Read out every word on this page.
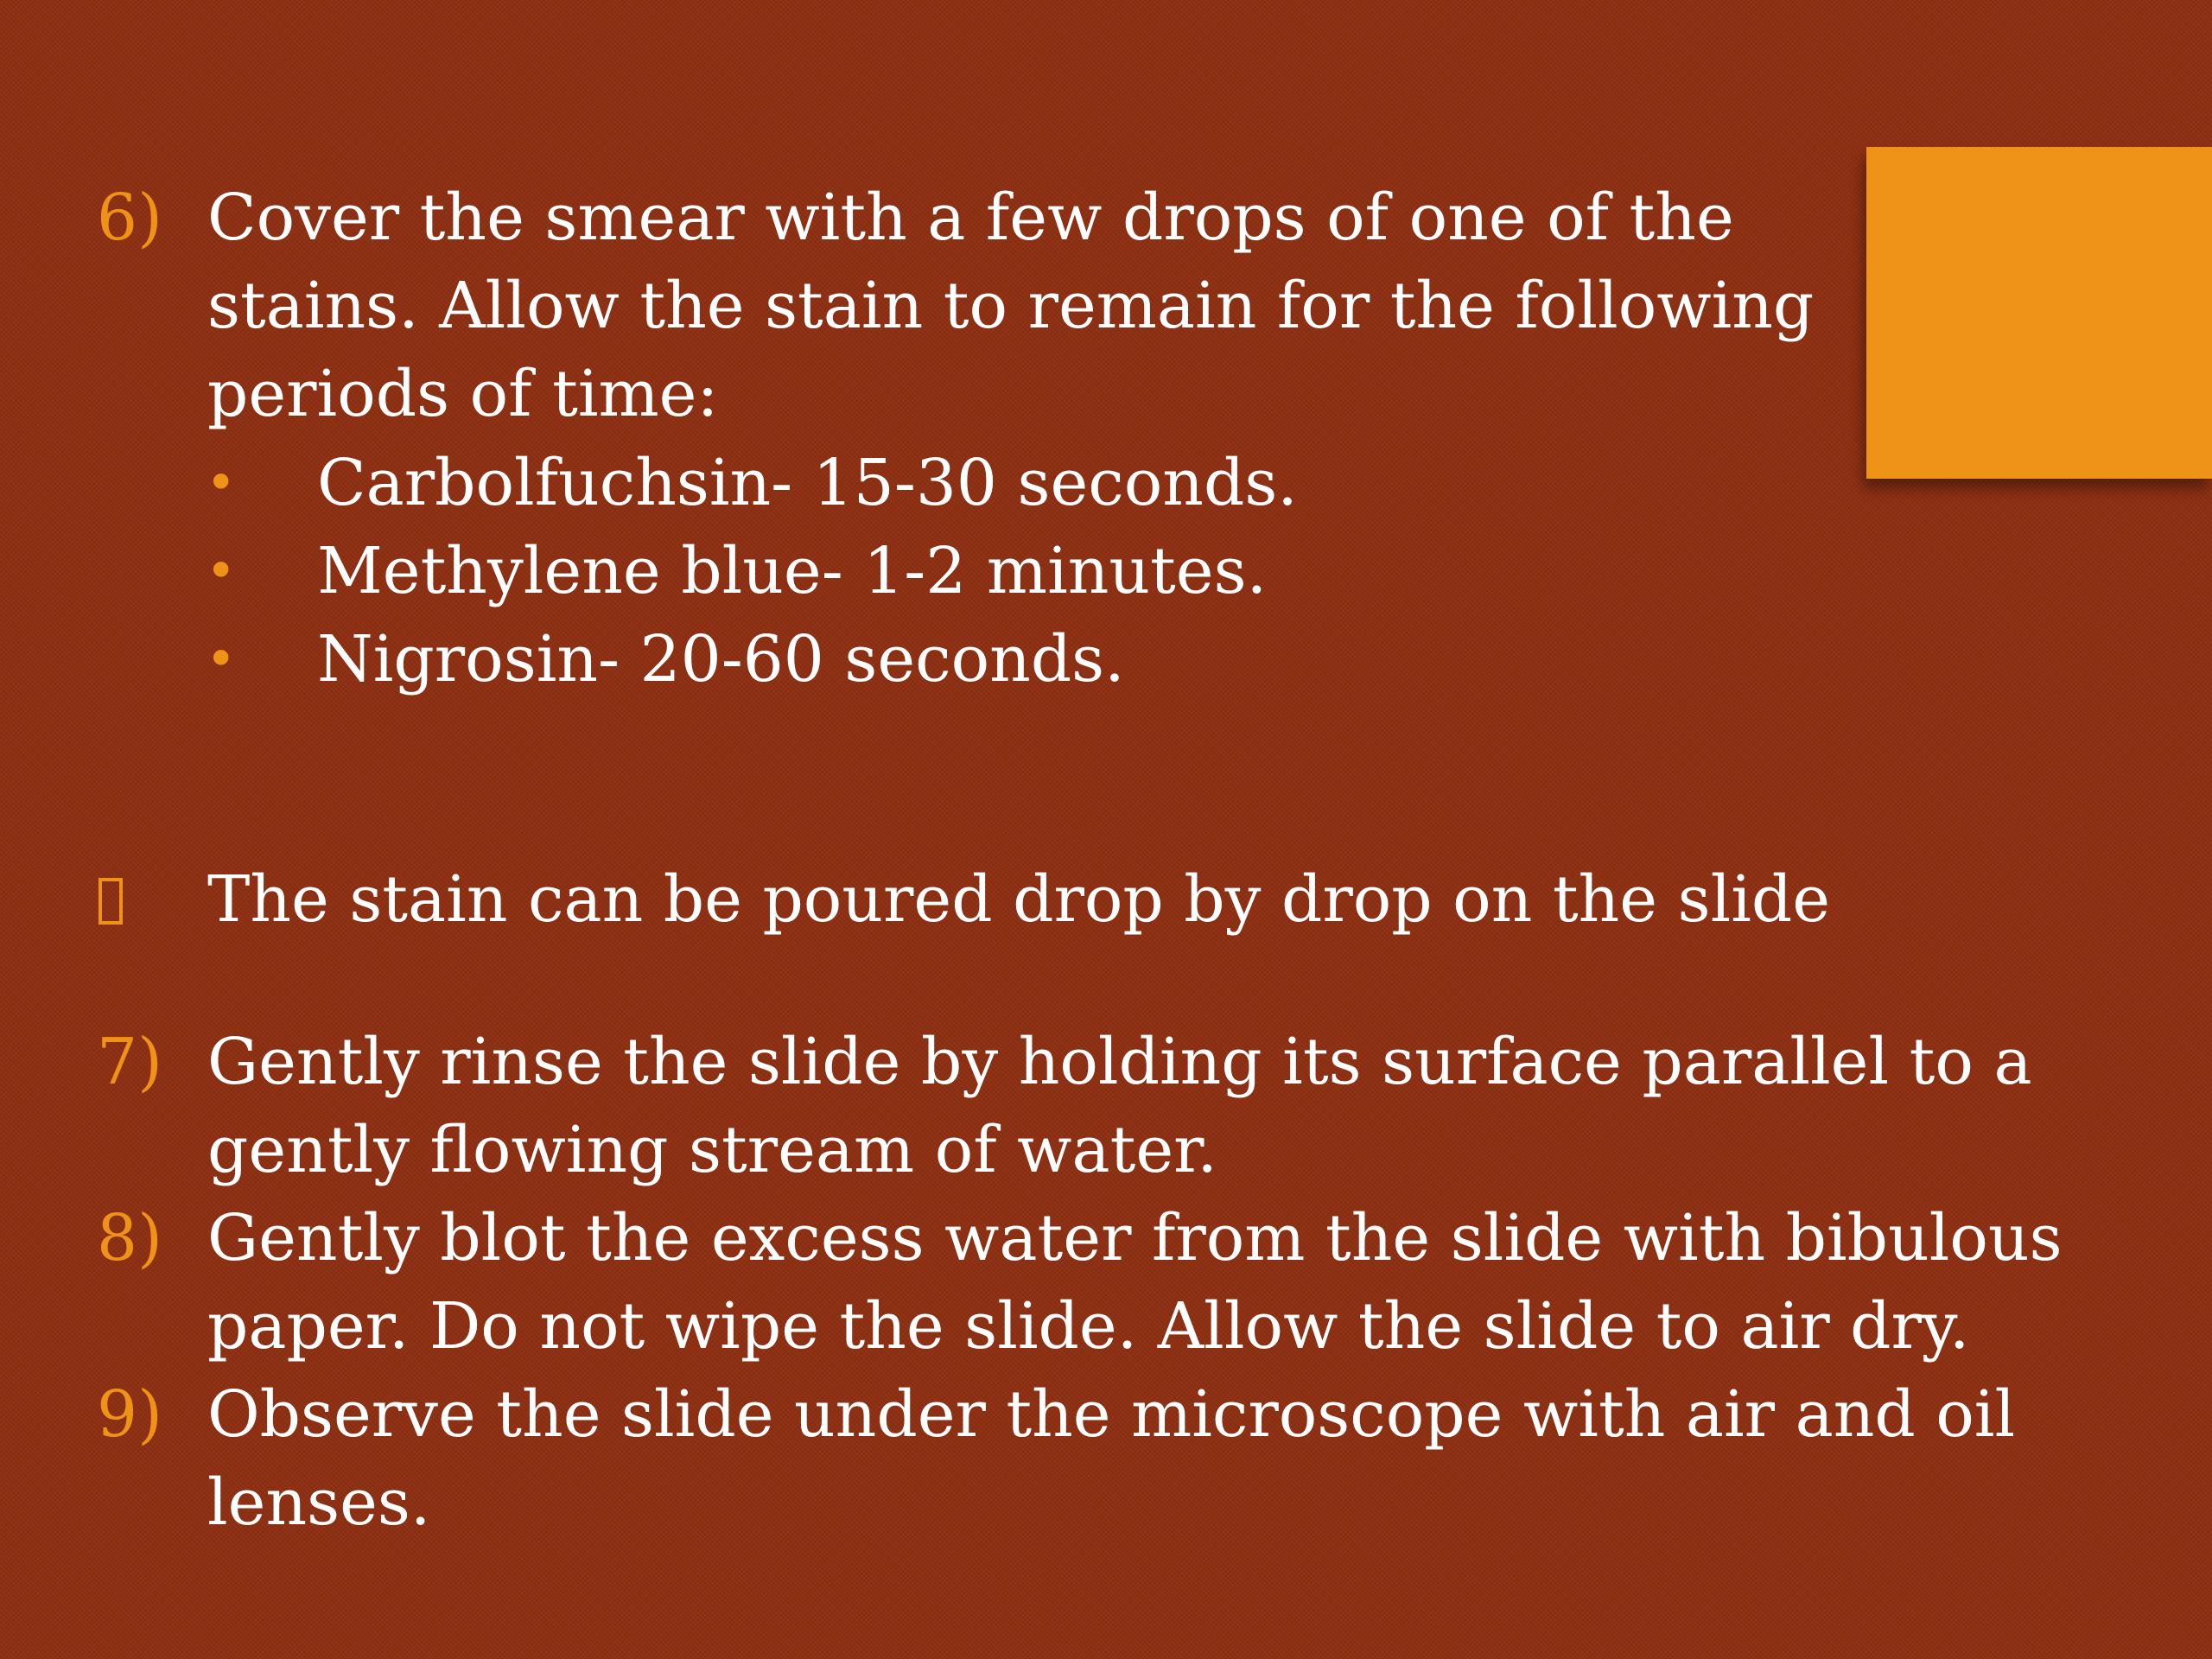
6) Cover the smear with a few drops of one of the
stains. Allow the stain to remain for the following
periods of time:
• Carbolfuchsin- 15-30 seconds.
• Methylene blue- 1-2 minutes.
• Nigrosin- 20-60 seconds.
The stain can be poured drop by drop on the slide
7) Gently rinse the slide by holding its surface parallel to a
gently flowing stream of water.
8) Gently blot the excess water from the slide with bibulous
paper. Do not wipe the slide. Allow the slide to air dry.
9) Observe the slide under the microscope with air and oil
lenses.
